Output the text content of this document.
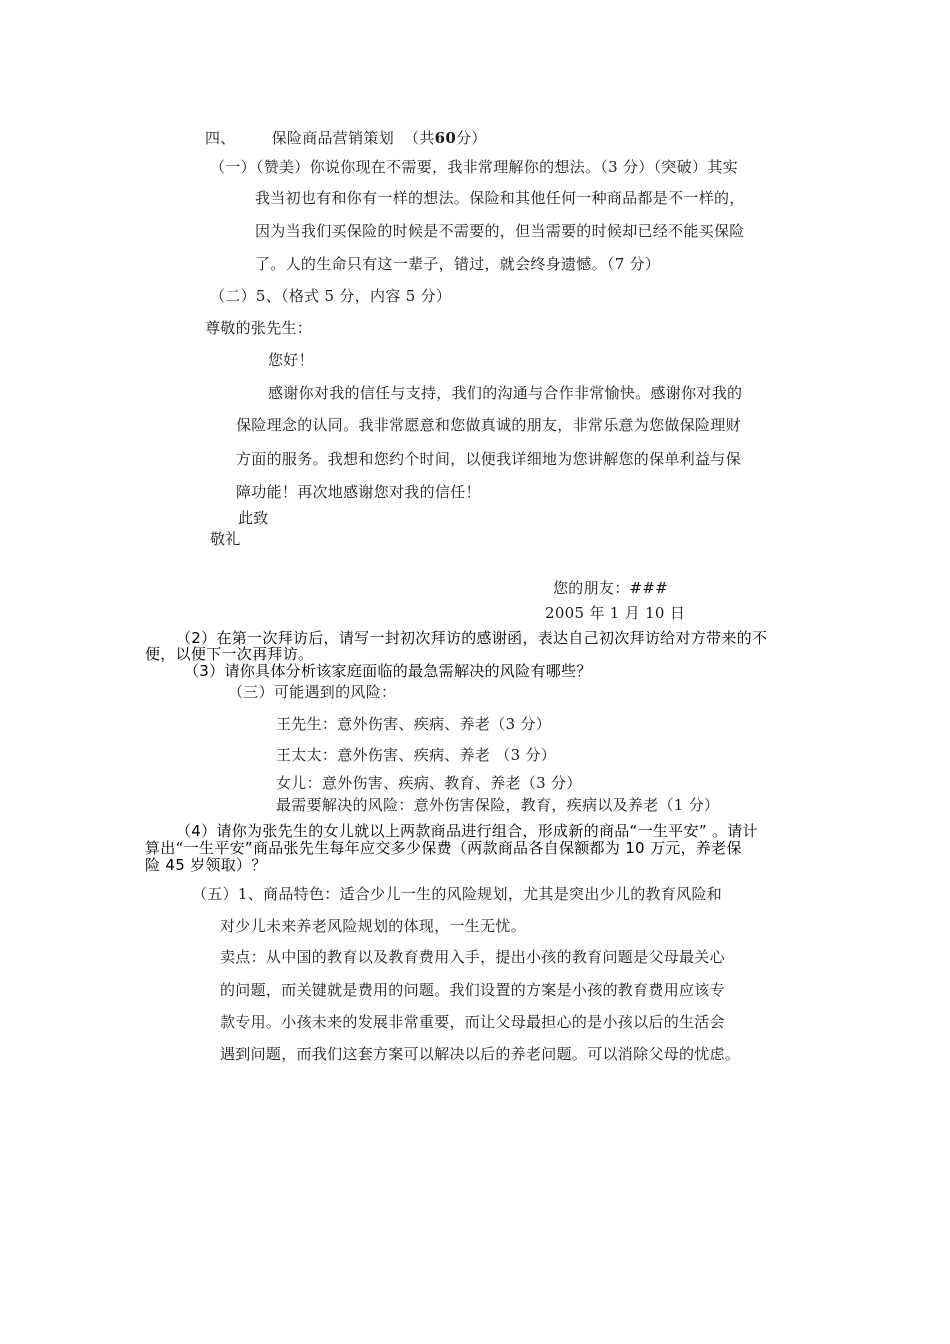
四、 保险商品营销策划 （共60分）
（一）（赞美）你说你现在不需要，我非常理解你的想法。（3 分）（突破）其实
我当初也有和你有一样的想法。保险和其他任何一种商品都是不一样的，
因为当我们买保险的时候是不需要的，但当需要的时候却已经不能买保险
了。人的生命只有这一辈子，错过，就会终身遗憾。（7 分）
（二）5、（格式 5 分，内容 5 分）
尊敬的张先生：
您好！
感谢你对我的信任与支持，我们的沟通与合作非常愉快。感谢你对我的
保险理念的认同。我非常愿意和您做真诚的朋友，非常乐意为您做保险理财
方面的服务。我想和您约个时间，以便我详细地为您讲解您的保单利益与保
障功能！再次地感谢您对我的信任！
此致
敬礼
您的朋友：###
2005 年 1 月 10 日
（2）在第一次拜访后，请写一封初次拜访的感谢函，表达自己初次拜访给对方带来的不
便，以便下一次再拜访。
（3）请你具体分析该家庭面临的最急需解决的风险有哪些？
（三）可能遇到的风险：
王先生：意外伤害、疾病、养老（3 分）
王太太：意外伤害、疾病、养老 （3 分）
女儿：意外伤害、疾病、教育、养老（3 分）
最需要解决的风险：意外伤害保险，教育，疾病以及养老（1 分）
（4）请你为张先生的女儿就以上两款商品进行组合，形成新的商品“一生平安” 。请计
算出“一生平安”商品张先生每年应交多少保费（两款商品各自保额都为 10 万元，养老保
险 45 岁领取）？
（五）1、商品特色：适合少儿一生的风险规划，尤其是突出少儿的教育风险和
对少儿未来养老风险规划的体现，一生无忧。
卖点：从中国的教育以及教育费用入手，提出小孩的教育问题是父母最关心
的问题，而关键就是费用的问题。我们设置的方案是小孩的教育费用应该专
款专用。小孩未来的发展非常重要，而让父母最担心的是小孩以后的生活会
遇到问题，而我们这套方案可以解决以后的养老问题。可以消除父母的忧虑。
